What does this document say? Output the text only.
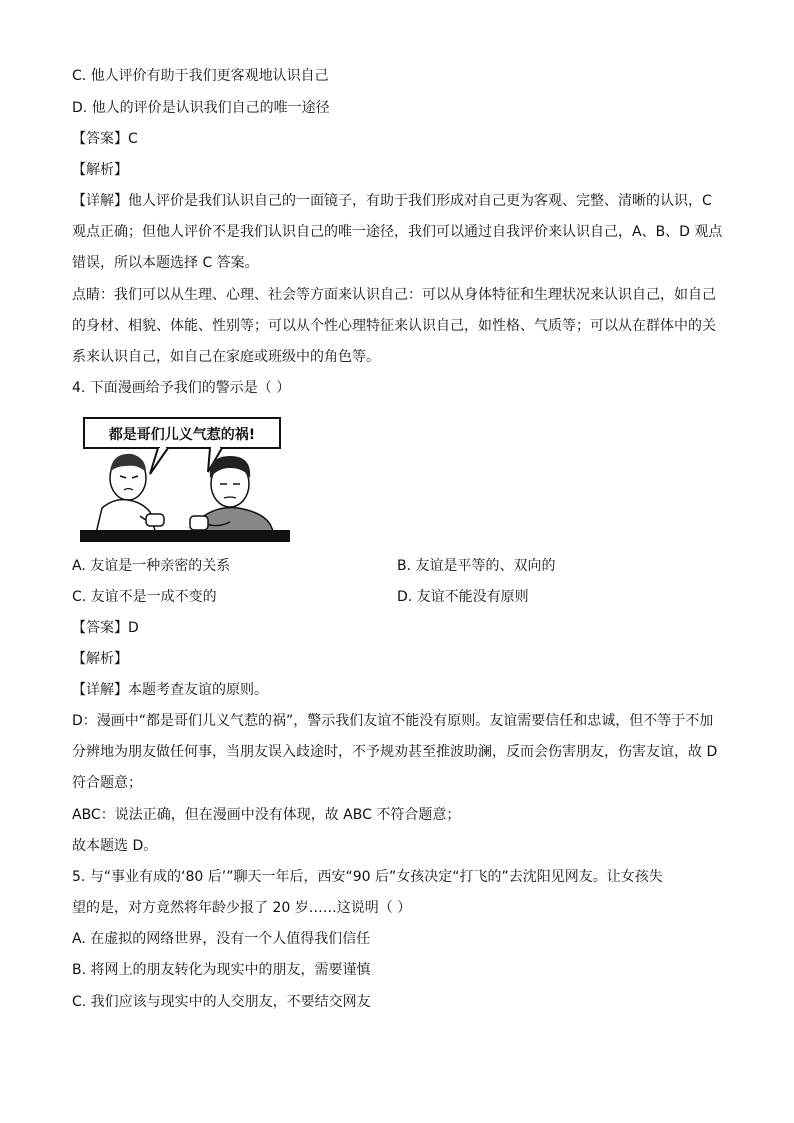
C. 他人评价有助于我们更客观地认识自己
D. 他人的评价是认识我们自己的唯一途径
【答案】C
【解析】
【详解】他人评价是我们认识自己的一面镜子，有助于我们形成对自己更为客观、完整、清晰的认识，C
观点正确；但他人评价不是我们认识自己的唯一途径，我们可以通过自我评价来认识自己，A、B、D 观点
错误，所以本题选择 C 答案。
点睛：我们可以从生理、心理、社会等方面来认识自己：可以从身体特征和生理状况来认识自己，如自己
的身材、相貌、体能、性别等；可以从个性心理特征来认识自己，如性格、气质等；可以从在群体中的关
系来认识自己，如自己在家庭或班级中的角色等。
4. 下面漫画给予我们的警示是（ ）
都是哥们儿义气惹的祸!
A. 友谊是一种亲密的关系	B. 友谊是平等的、双向的
C. 友谊不是一成不变的	D. 友谊不能没有原则
【答案】D
【解析】
【详解】本题考查友谊的原则。
D：漫画中“都是哥们儿义气惹的祸”，警示我们友谊不能没有原则。友谊需要信任和忠诚，但不等于不加
分辨地为朋友做任何事，当朋友误入歧途时，不予规劝甚至推波助澜，反而会伤害朋友，伤害友谊，故 D
符合题意；
ABC：说法正确，但在漫画中没有体现，故 ABC 不符合题意；
故本题选 D。
5. 与“事业有成的‘80 后’”聊天一年后，西安“90 后”女孩决定“打飞的”去沈阳见网友。让女孩失
望的是，对方竟然将年龄少报了 20 岁……这说明（ ）
A. 在虚拟的网络世界，没有一个人值得我们信任
B. 将网上的朋友转化为现实中的朋友，需要谨慎
C. 我们应该与现实中的人交朋友，不要结交网友
